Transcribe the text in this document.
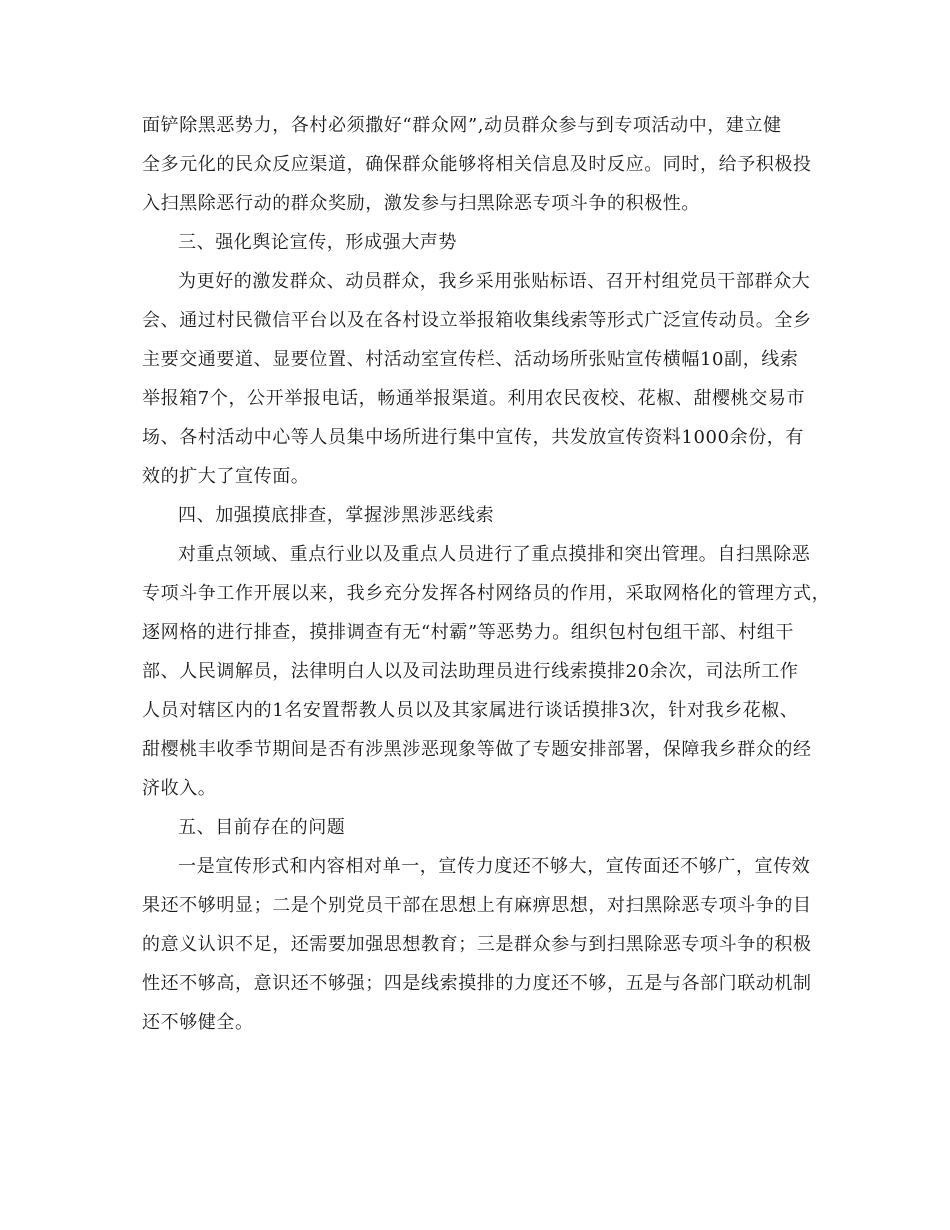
面铲除黑恶势力，各村必须撒好“群众网”,动员群众参与到专项活动中，建立健
全多元化的民众反应渠道，确保群众能够将相关信息及时反应。同时，给予积极投
入扫黑除恶行动的群众奖励，激发参与扫黑除恶专项斗争的积极性。
三、强化舆论宣传，形成强大声势
为更好的激发群众、动员群众，我乡采用张贴标语、召开村组党员干部群众大
会、通过村民微信平台以及在各村设立举报箱收集线索等形式广泛宣传动员。全乡
主要交通要道、显要位置、村活动室宣传栏、活动场所张贴宣传横幅10副，线索
举报箱7个，公开举报电话，畅通举报渠道。利用农民夜校、花椒、甜樱桃交易市
场、各村活动中心等人员集中场所进行集中宣传，共发放宣传资料1000余份，有
效的扩大了宣传面。
四、加强摸底排查，掌握涉黑涉恶线索
对重点领域、重点行业以及重点人员进行了重点摸排和突出管理。自扫黑除恶
专项斗争工作开展以来，我乡充分发挥各村网络员的作用，采取网格化的管理方式，
逐网格的进行排查，摸排调查有无“村霸”等恶势力。组织包村包组干部、村组干
部、人民调解员，法律明白人以及司法助理员进行线索摸排20余次，司法所工作
人员对辖区内的1名安置帮教人员以及其家属进行谈话摸排3次，针对我乡花椒、
甜樱桃丰收季节期间是否有涉黑涉恶现象等做了专题安排部署，保障我乡群众的经
济收入。
五、目前存在的问题
一是宣传形式和内容相对单一，宣传力度还不够大，宣传面还不够广，宣传效
果还不够明显；二是个别党员干部在思想上有麻痹思想，对扫黑除恶专项斗争的目
的意义认识不足，还需要加强思想教育；三是群众参与到扫黑除恶专项斗争的积极
性还不够高，意识还不够强；四是线索摸排的力度还不够，五是与各部门联动机制
还不够健全。
